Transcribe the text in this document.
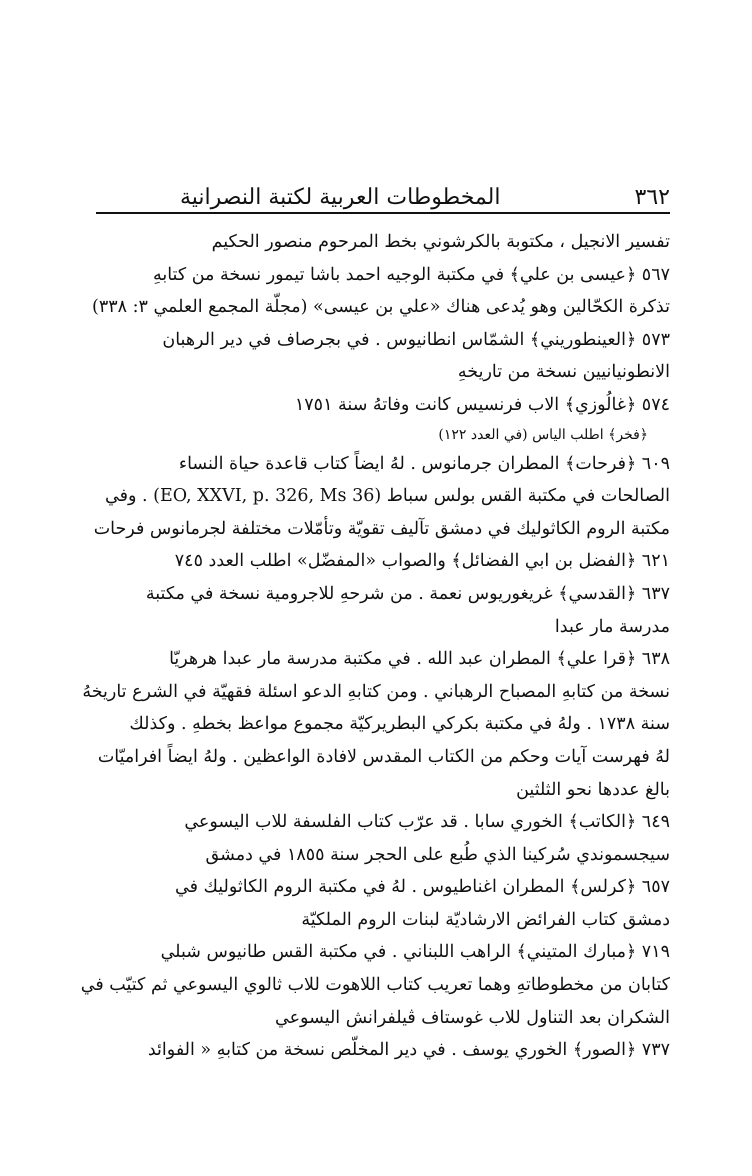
٣٦٢
المخطوطات العربية لكتبة النصرانية
تفسير الانجيل ، مكتوبة بالكرشوني بخط المرحوم منصور الحكيم
٥٦٧ ﴿عيسى بن علي﴾ في مكتبة الوجيه احمد باشا تيمور نسخة من كتابهِ
تذكرة الكحّالين وهو يُدعى هناك «علي بن عيسى» (مجلّة المجمع العلمي ٣: ٣٣٨)
٥٧٣ ﴿العينطوريني﴾ الشمّاس انطانيوس . في بجرصاف في دير الرهبان
الانطونيانيين نسخة من تاريخهِ
٥٧٤ ﴿غالُوزي﴾ الاب فرنسيس كانت وفاتهُ سنة ١٧٥١
﴿فخر﴾ اطلب الياس (في العدد ١٢٢)
٦٠٩ ﴿فرحات﴾ المطران جرمانوس . لهُ ايضاً كتاب قاعدة حياة النساء
الصالحات في مكتبة القس بولس سباط (EO, XXVI, p. 326, Ms 36) . وفي
مكتبة الروم الكاثوليك في دمشق تآليف تقويّة وتأمّلات مختلفة لجرمانوس فرحات
٦٢١ ﴿الفضل بن ابي الفضائل﴾ والصواب «المفضّل» اطلب العدد ٧٤٥
٦٣٧ ﴿القدسي﴾ غريغوريوس نعمة . من شرحهِ للاجرومية نسخة في مكتبة
مدرسة مار عبدا
٦٣٨ ﴿قرا علي﴾ المطران عبد الله . في مكتبة مدرسة مار عبدا هرهريّا
نسخة من كتابهِ المصباح الرهباني . ومن كتابهِ الدعو اسئلة فقهيّة في الشرع تاريخهُ
سنة ١٧٣٨ . ولهُ في مكتبة بكركي البطريركيّة مجموع مواعظ بخطهِ . وكذلك
لهُ فهرست آيات وحكم من الكتاب المقدس لافادة الواعظين . ولهُ ايضاً افراميّات
بالغ عددها نحو الثلثين
٦٤٩ ﴿الكاتب﴾ الخوري سابا . قد عرّب كتاب الفلسفة للاب اليسوعي
سيجسموندي سُركينا الذي طُبع على الحجر سنة ١٨٥٥ في دمشق
٦٥٧ ﴿كرلس﴾ المطران اغناطيوس . لهُ في مكتبة الروم الكاثوليك في
دمشق كتاب الفرائض الارشاديّة لبنات الروم الملكيّة
٧١٩ ﴿مبارك المتيني﴾ الراهب اللبناني . في مكتبة القس طانيوس شبلي
كتابان من مخطوطاتهِ وهما تعريب كتاب اللاهوت للاب ثالوي اليسوعي ثم كتيّب في
الشكران بعد التناول للاب غوستاف ڤيلفرانش اليسوعي
٧٣٧ ﴿الصور﴾ الخوري يوسف . في دير المخلّص نسخة من كتابهِ « الفوائد
